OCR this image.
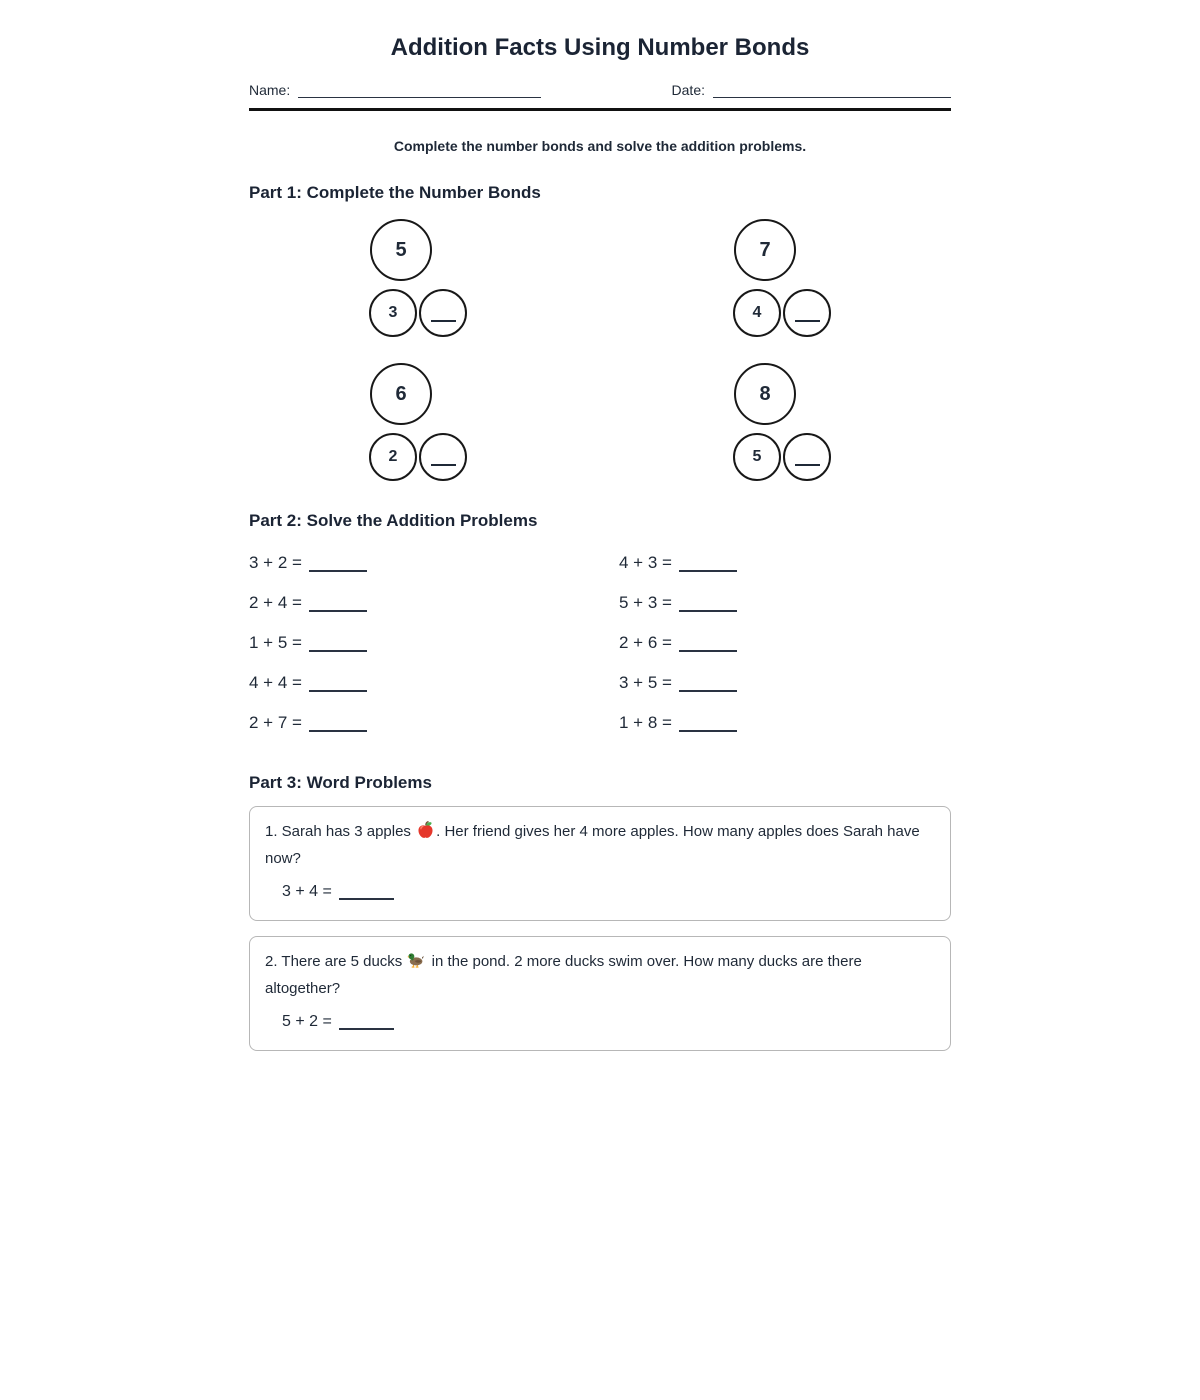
Addition Facts Using Number Bonds
Name:	Date:
Complete the number bonds and solve the addition problems.
Part 1: Complete the Number Bonds
5
3
7
4
6
2
8
5
Part 2: Solve the Addition Problems
3 + 2 =
2 + 4 =
1 + 5 =
4 + 4 =
2 + 7 =
4 + 3 =
5 + 3 =
2 + 6 =
3 + 5 =
1 + 8 =
Part 3: Word Problems
1. Sarah has 3 apples . Her friend gives her 4 more apples. How many apples does Sarah have now?
3 + 4 =
2. There are 5 ducks  in the pond. 2 more ducks swim over. How many ducks are there altogether?
5 + 2 =
